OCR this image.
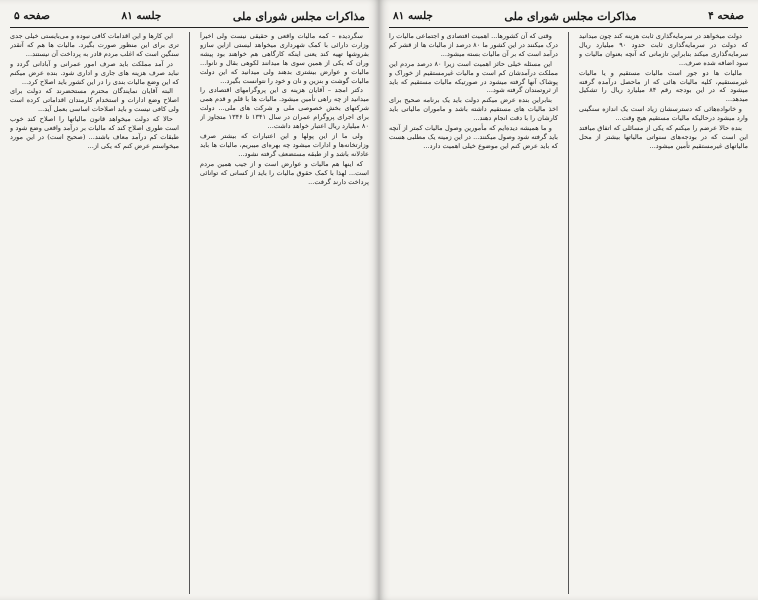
مذاکرات مجلس شورای ملی
جلسه ۸۱
صفحه ۵

سگردیده – کمه مالیات واقعی و حقیقی نیست ولی اخیراً وزارت دارائی با کمک شهرداری میخواهد لیستی ازاین سازو بفروشها تهیه کند یعنی اینکه کارگاهی هم خواهند بود پیشه وران که یکی از همین سوی ها میدانند لکوهی بقال و نانوا... مالیات و عوارض بیشتری بدهند ولی میدانید که این دولت مالیات گوشت و بنزین و نان و خود را نتوانست بگیرد...

دکتر امجد – آقایان هزینه ی این پروگرامهای اقتصادی را میدانید از چه راهی تأمین میشود. مالیات ها با قلم و قدم همی شرکتهای بخش خصوصی ملی و شرکت های ملی... دولت برای اجرای پروگرام عمران در سال ۱۳۴۱ تا ۱۳۴۶ متجاوز از ۸۰ میلیارد ریال اعتبار خواهد داشت...

ولی ما از این پولها و این اعتبارات که بیشتر صرف وزارتخانه‌ها و ادارات میشود چه بهره‌ای میبریم، مالیات ها باید عادلانه باشد و از طبقه مستضعف گرفته نشود...

که اینها هم مالیات و عوارض است و از جیب همین مردم است... لهذا با کمک حقوق مالیات را باید از کسانی که توانائی پرداخت دارند گرفت...

این کارها و این اقدامات کافی نبوده و می‌بایستی خیلی جدی تری برای این منظور صورت بگیرد. مالیات ها هم که آنقدر سنگین است که اغلب مردم قادر به پرداخت آن نیستند...

در آمد مملکت باید صرف امور عمرانی و آبادانی گردد و نباید صرف هزینه های جاری و اداری شود. بنده عرض میکنم که این وضع مالیات بندی را در این کشور باید اصلاح کرد...

البته آقایان نمایندگان محترم مستحضرند که دولت برای اصلاح وضع ادارات و استخدام کارمندان اقداماتی کرده است ولی کافی نیست و باید اصلاحات اساسی بعمل آید...

حالا که دولت میخواهد قانون مالیاتها را اصلاح کند خوب است طوری اصلاح کند که مالیات بر درآمد واقعی وضع شود و طبقات کم درآمد معاف باشند... (صحیح است) در این مورد میخواستم عرض کنم که یکی از...

صفحه ۴
مذاکرات مجلس شورای ملی
جلسه ۸۱

دولت میخواهد در سرمایه‌گذاری ثابت هزینه کند چون میدانید که دولت در سرمایه‌گذاری ثابت حدود ۹۰ میلیارد ریال سرمایه‌گذاری میکند بنابراین تازمانی که آنچه بعنوان مالیات و سود اضافه شده صرف...

مالیات ها دو جور است مالیات مستقیم و یا مالیات غیرمستقیم، کلیه مالیات هائی که از ماحصل درآمده گرفته میشود که در این بودجه رقم ۸۴ میلیارد ریال را تشکیل میدهد...

و خانواده‌هائی که دسترسشان زیاد است یک اندازه سنگینی وارد میشود درحالیکه مالیات مستقیم هیچ وقت...

بنده حالا عرضم را میکنم که یکی از مسائلی که اتفاق میافتد این است که در بودجه‌های سنواتی مالیاتها بیشتر از محل مالیاتهای غیرمستقیم تأمین میشود...

وقتی که آن کشورها... اهمیت اقتصادی و اجتماعی مالیات را درک میکنند در این کشور ما ۸۰ درصد از مالیات ها از قشر کم درآمد است که بر آن مالیات بسته میشود...

این مسئله خیلی حائز اهمیت است زیرا ۸۰ درصد مردم این مملکت درآمدشان کم است و مالیات غیرمستقیم از خوراک و پوشاک آنها گرفته میشود در صورتیکه مالیات مستقیم که باید از ثروتمندان گرفته شود...

بنابراین بنده عرض میکنم دولت باید یک برنامه صحیح برای اخذ مالیات های مستقیم داشته باشد و ماموران مالیاتی باید کارشان را با دقت انجام دهند...

و ما همیشه دیده‌ایم که مأمورین وصول مالیات کمتر از آنچه باید گرفته شود وصول میکنند... در این زمینه یک مطلبی هست که باید عرض کنم این موضوع خیلی اهمیت دارد...
